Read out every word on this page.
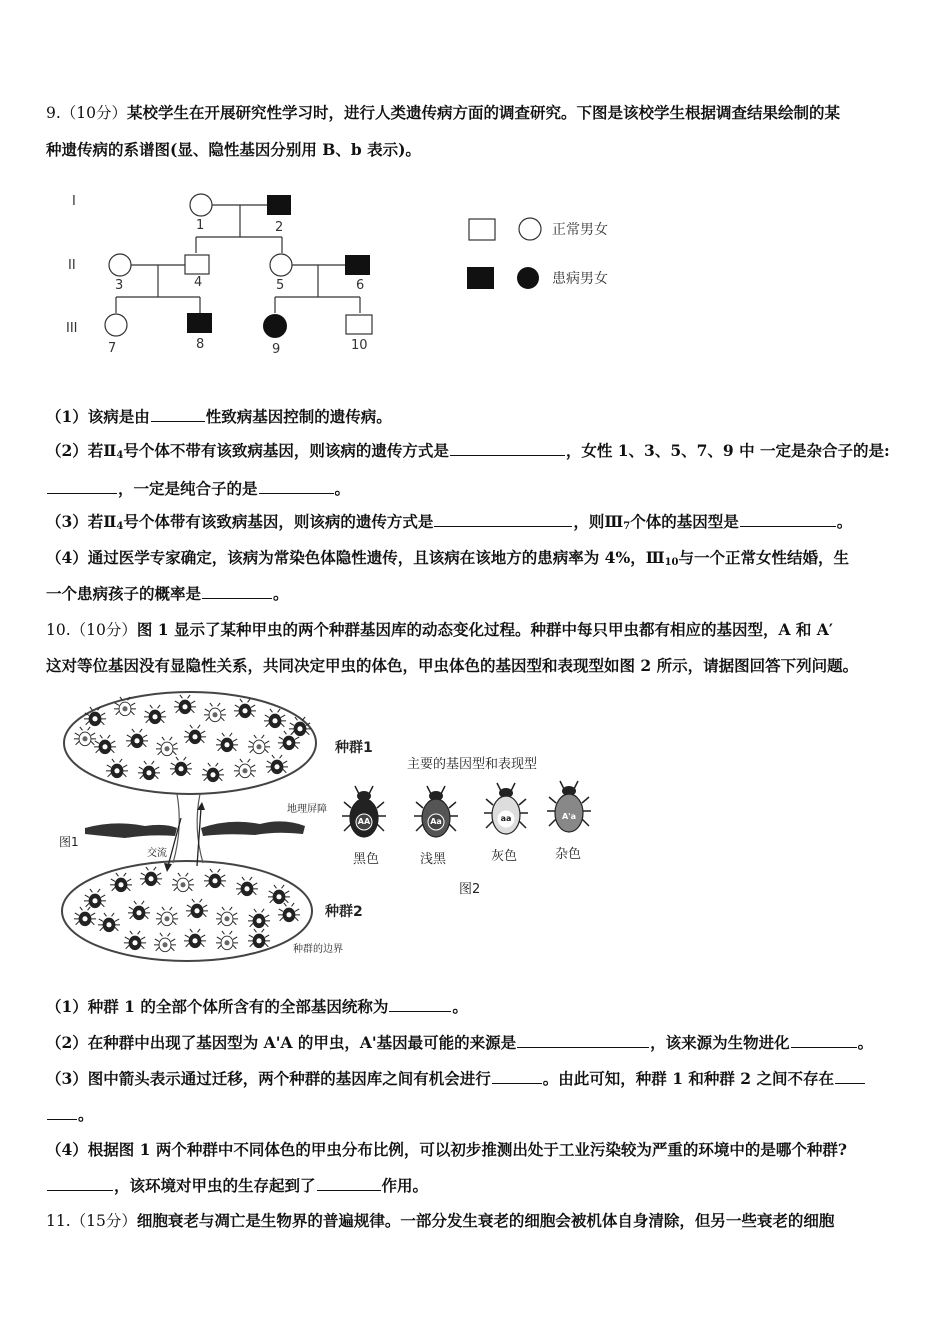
9.（10分）某校学生在开展研究性学习时，进行人类遗传病方面的调查研究。下图是该校学生根据调查结果绘制的某
种遗传病的系谱图(显、隐性基因分别用 B、b 表示)。
I
II
III
1	2
3	4	5	6
7	8	9	10
正常男女
患病男女
（1）该病是由	性致病基因控制的遗传病。
（2）若$Ⅱ_4$号个体不带有该致病基因，则该病的遗传方式是	，女性 1、3、5、7、9 中 一定是杂合子的是:
，一定是纯合子的是	。
（3）若$Ⅱ_4$号个体带有该致病基因，则该病的遗传方式是	，则$Ⅲ_7$个体的基因型是	。
（4）通过医学专家确定，该病为常染色体隐性遗传，且该病在该地方的患病率为 4%，$Ⅲ_{10}$与一个正常女性结婚，生
一个患病孩子的概率是	。
10.（10分）图 1 显示了某种甲虫的两个种群基因库的动态变化过程。种群中每只甲虫都有相应的基因型，A 和 A′
这对等位基因没有显隐性关系，共同决定甲虫的体色，甲虫体色的基因型和表现型如图 2 所示，请据图回答下列问题。
图1
交流
地理屏障
种群的边界
种群1
种群2
主要的基因型和表现型
图2
黑色	浅黑	灰色	杂色
AA	Aa	aa	A'a
（1）种群 1 的全部个体所含有的全部基因统称为	。
（2）在种群中出现了基因型为 A'A 的甲虫，A'基因最可能的来源是	，该来源为生物进化	。
（3）图中箭头表示通过迁移，两个种群的基因库之间有机会进行	。由此可知，种群 1 和种群 2 之间不存在
。
（4）根据图 1 两个种群中不同体色的甲虫分布比例，可以初步推测出处于工业污染较为严重的环境中的是哪个种群?
，该环境对甲虫的生存起到了	作用。
11.（15分）细胞衰老与凋亡是生物界的普遍规律。一部分发生衰老的细胞会被机体自身清除，但另一些衰老的细胞
